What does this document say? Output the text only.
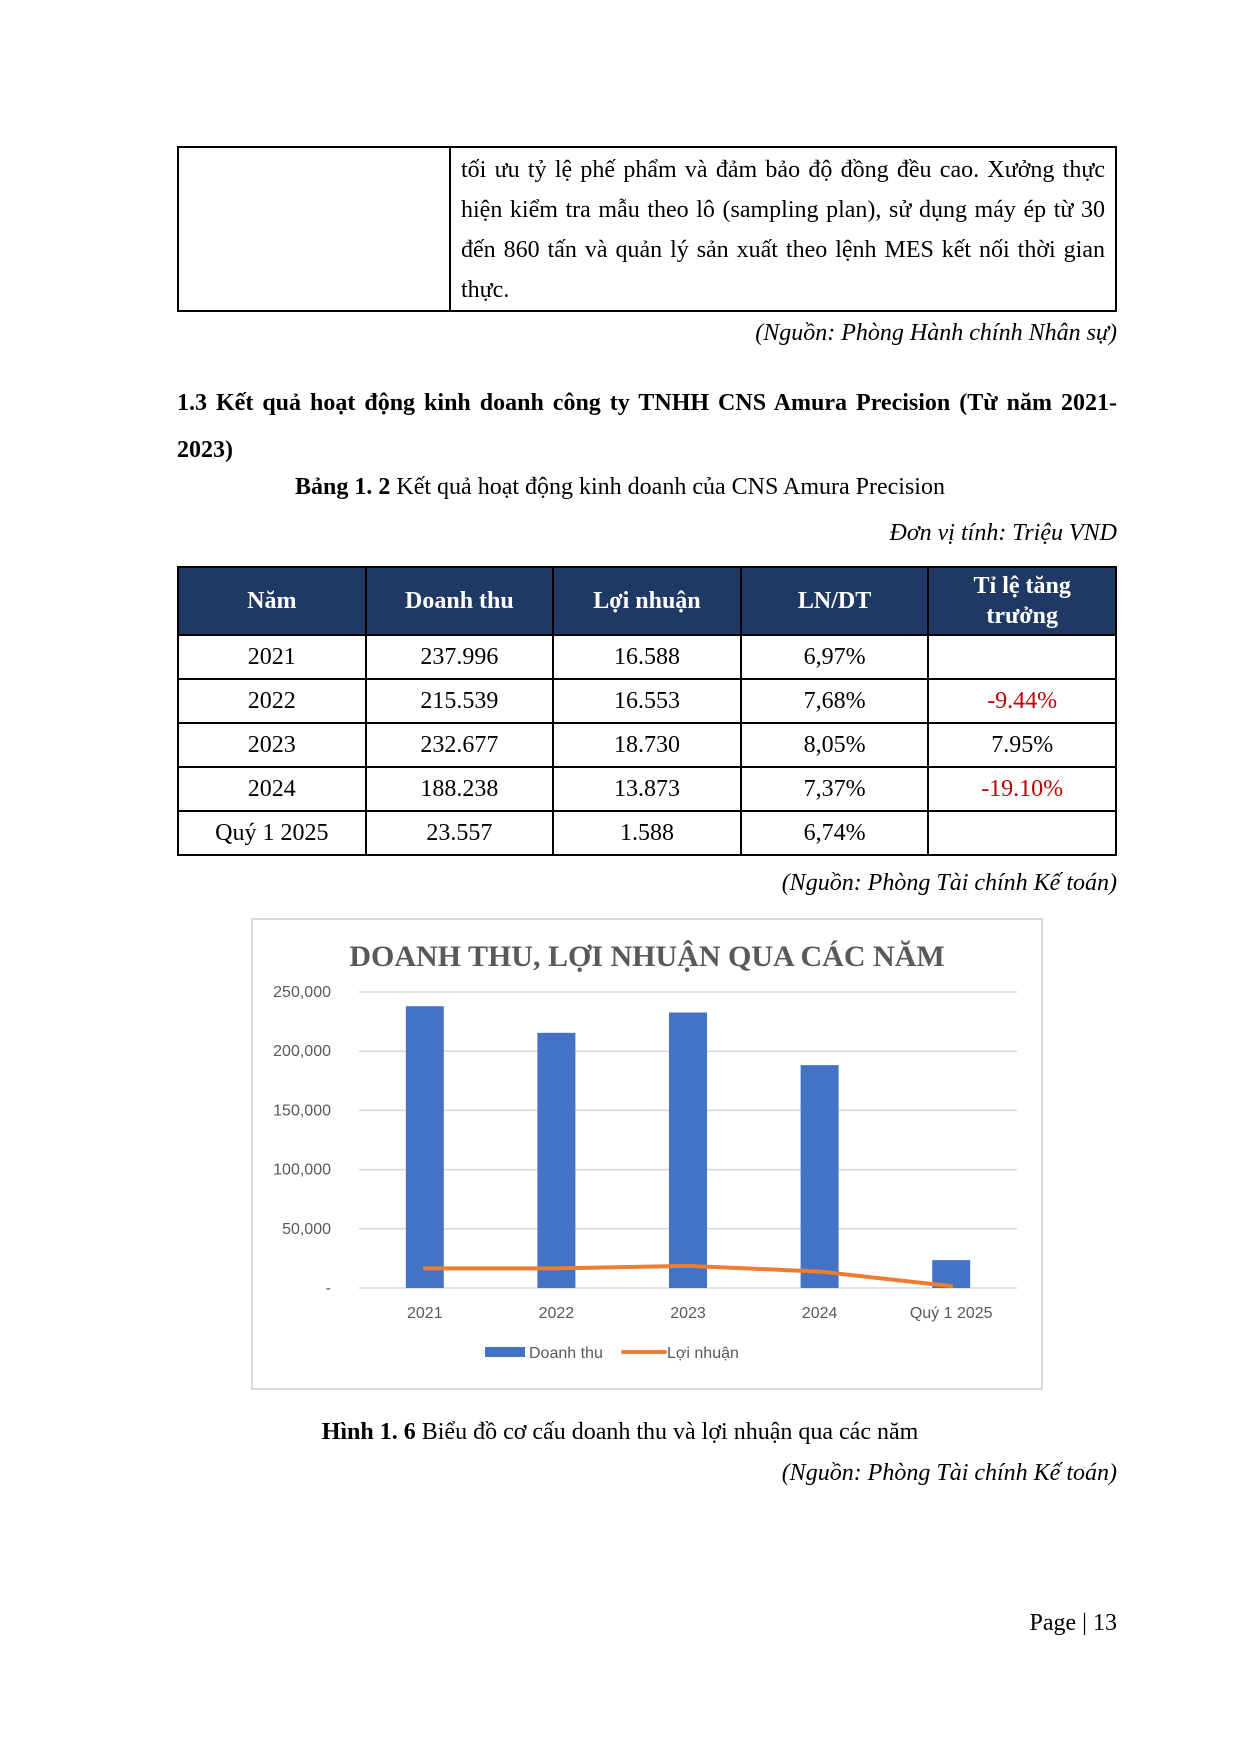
	tối ưu tỷ lệ phế phẩm và đảm bảo độ đồng đều cao. Xưởng thực hiện kiểm tra mẫu theo lô (sampling plan), sử dụng máy ép từ 30 đến 860 tấn và quản lý sản xuất theo lệnh MES kết nối thời gian thực.
(Nguồn: Phòng Hành chính Nhân sự)
1.3 Kết quả hoạt động kinh doanh công ty TNHH CNS Amura Precision (Từ năm 2021-2023)
Bảng 1. 2 Kết quả hoạt động kinh doanh của CNS Amura Precision
Đơn vị tính: Triệu VND
Năm	Doanh thu	Lợi nhuận	LN/DT	Tỉ lệ tăng trưởng
2021	237.996	16.588	6,97%	
2022	215.539	16.553	7,68%	-9.44%
2023	232.677	18.730	8,05%	7.95%
2024	188.238	13.873	7,37%	-19.10%
Quý 1 2025	23.557	1.588	6,74%	
(Nguồn: Phòng Tài chính Kế toán)
DOANH THU, LỢI NHUẬN QUA CÁC NĂM
-
50,000
100,000
150,000
200,000
250,000
2021	2022	2023	2024	Quý 1 2025
Doanh thu	Lợi nhuận
Hình 1. 6 Biểu đồ cơ cấu doanh thu và lợi nhuận qua các năm
(Nguồn: Phòng Tài chính Kế toán)
Page | 13
